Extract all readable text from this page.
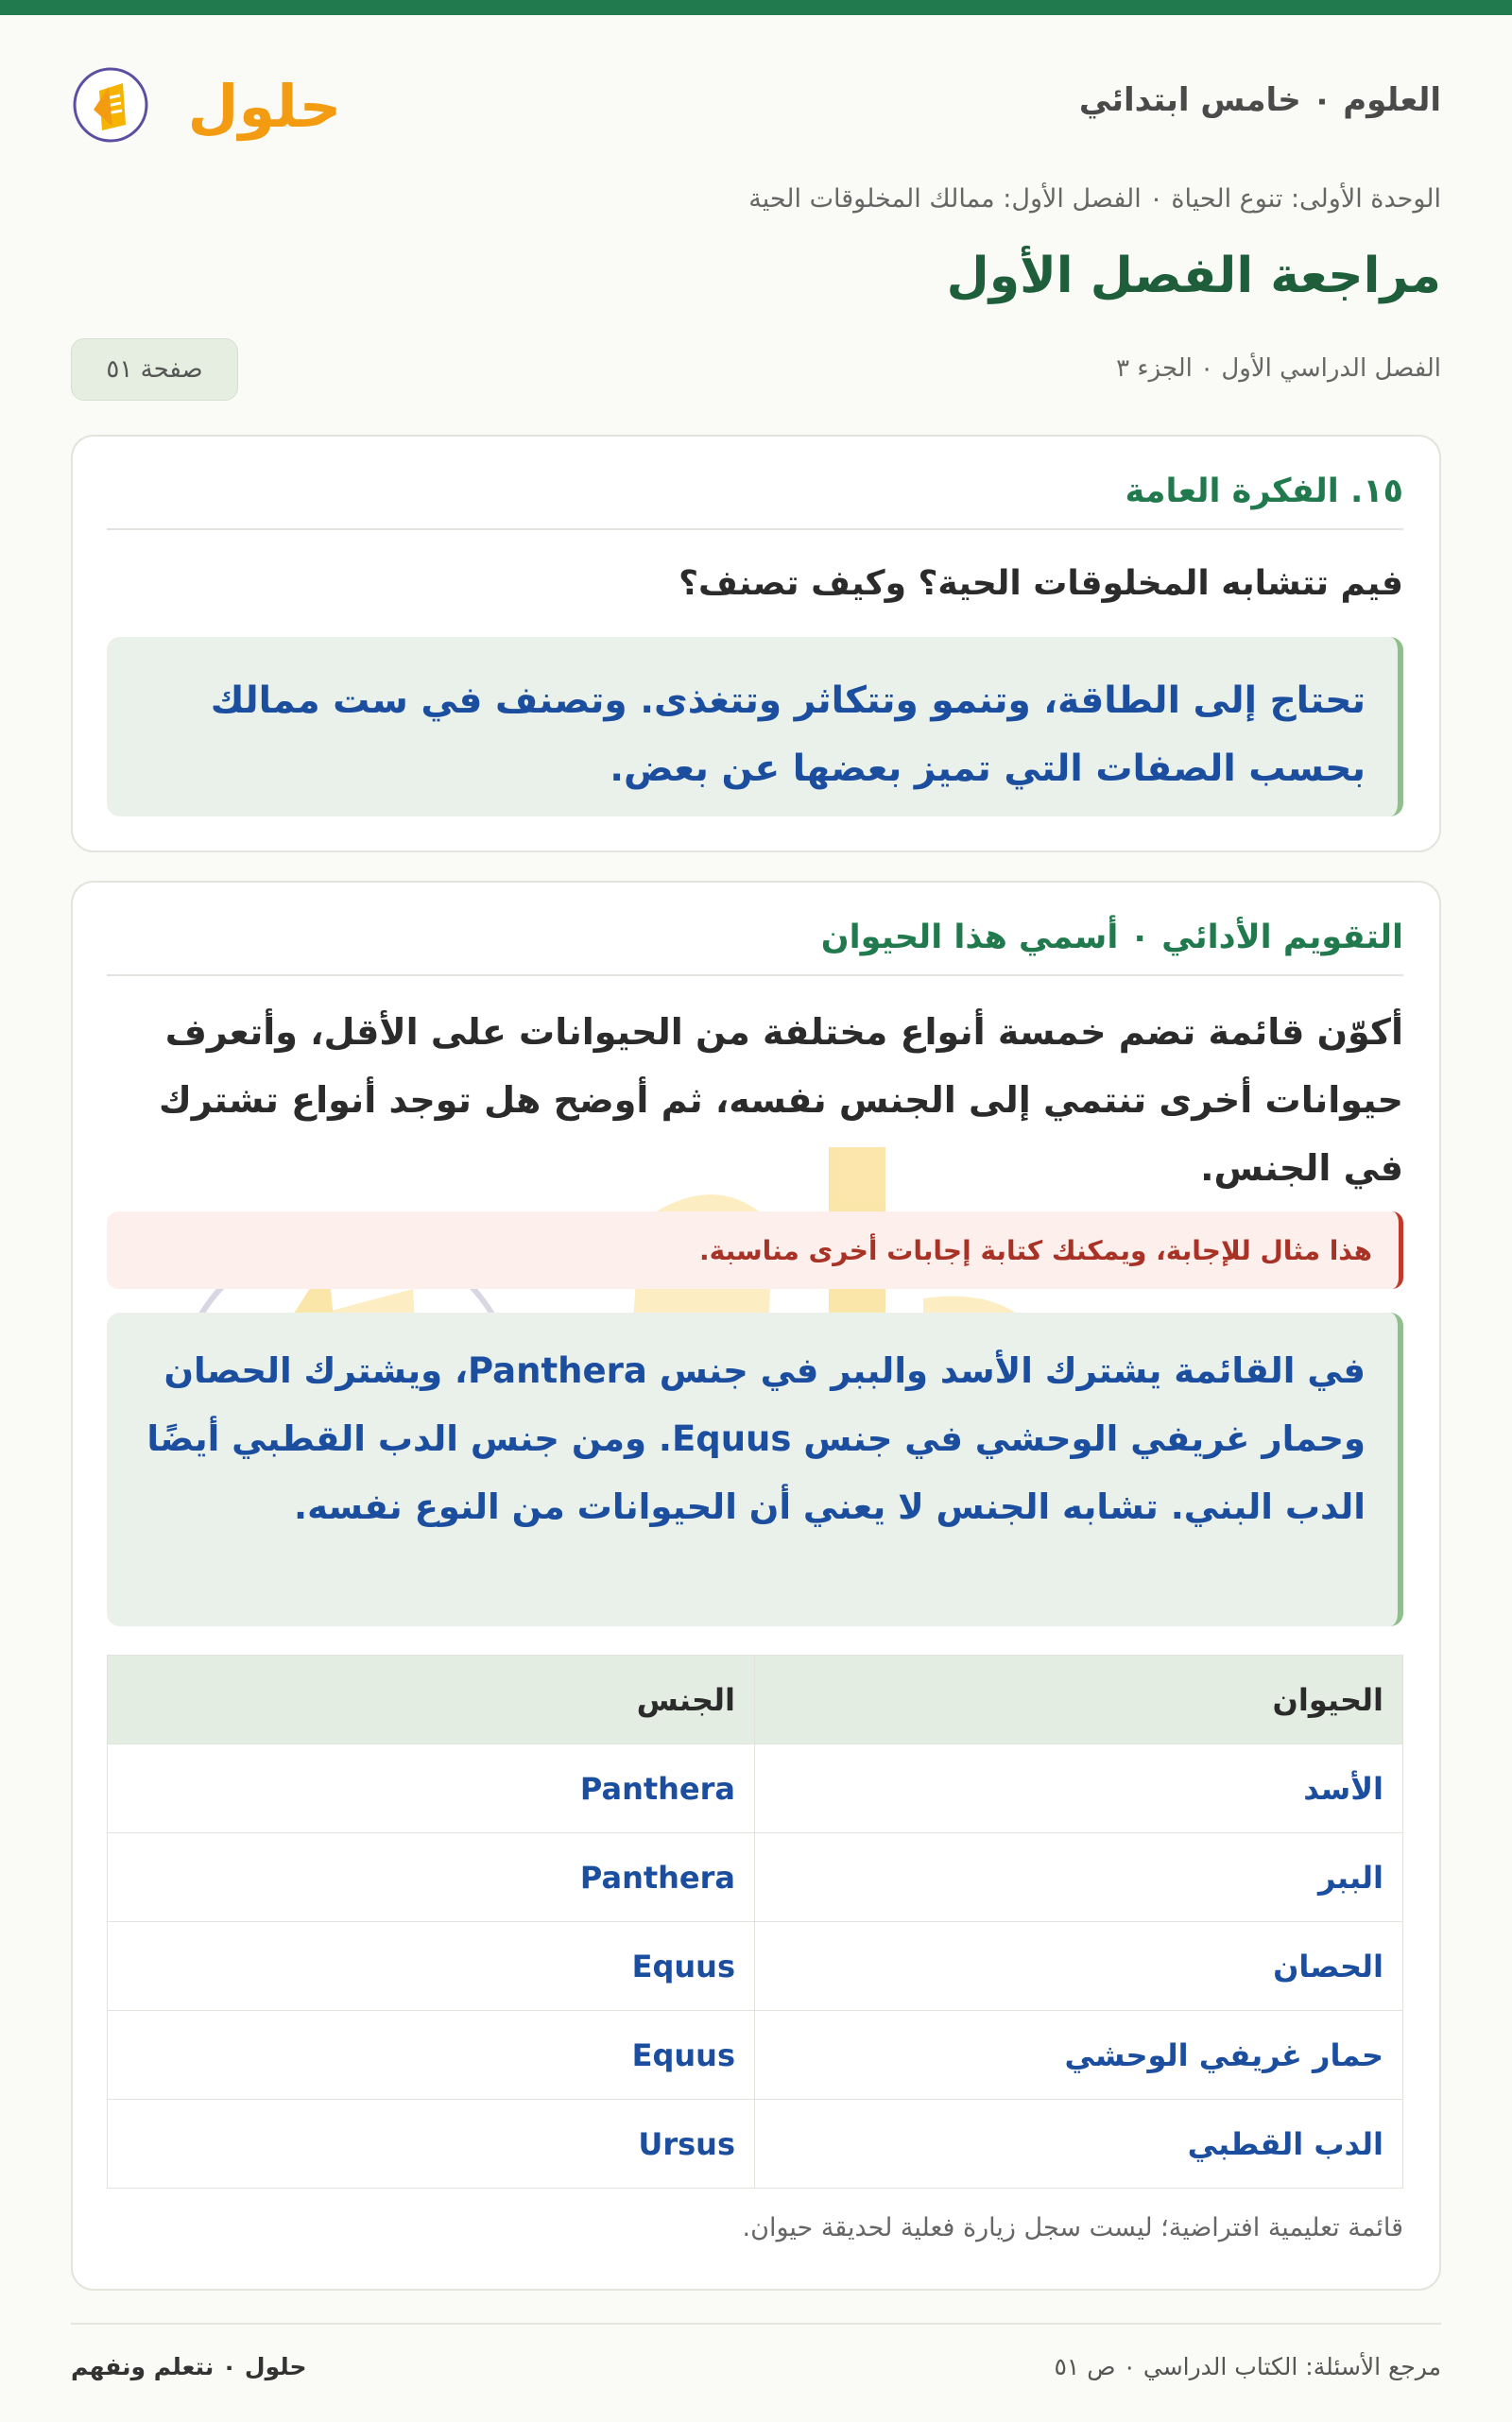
العلوم ٠ خامس ابتدائي
حلول
الوحدة الأولى: تنوع الحياة ٠ الفصل الأول: ممالك المخلوقات الحية
مراجعة الفصل الأول
الفصل الدراسي الأول ٠ الجزء ٣
صفحة ٥١
١٥. الفكرة العامة
فيم تتشابه المخلوقات الحية؟ وكيف تصنف؟
تحتاج إلى الطاقة، وتنمو وتتكاثر وتتغذى. وتصنف في ست ممالك بحسب الصفات التي تميز بعضها عن بعض.
التقويم الأدائي ٠ أسمي هذا الحيوان
أكوّن قائمة تضم خمسة أنواع مختلفة من الحيوانات على الأقل، وأتعرف حيوانات أخرى تنتمي إلى الجنس نفسه، ثم أوضح هل توجد أنواع تشترك في الجنس.
هذا مثال للإجابة، ويمكنك كتابة إجابات أخرى مناسبة.
في القائمة يشترك الأسد والببر في جنس Panthera، ويشترك الحصان وحمار غريفي الوحشي في جنس Equus. ومن جنس الدب القطبي أيضًا الدب البني. تشابه الجنس لا يعني أن الحيوانات من النوع نفسه.
الحيوان	الجنس
الأسد	Panthera
الببر	Panthera
الحصان	Equus
حمار غريفي الوحشي	Equus
الدب القطبي	Ursus
قائمة تعليمية افتراضية؛ ليست سجل زيارة فعلية لحديقة حيوان.
مرجع الأسئلة: الكتاب الدراسي ٠ ص ٥١
حلول ٠ نتعلم ونفهم
